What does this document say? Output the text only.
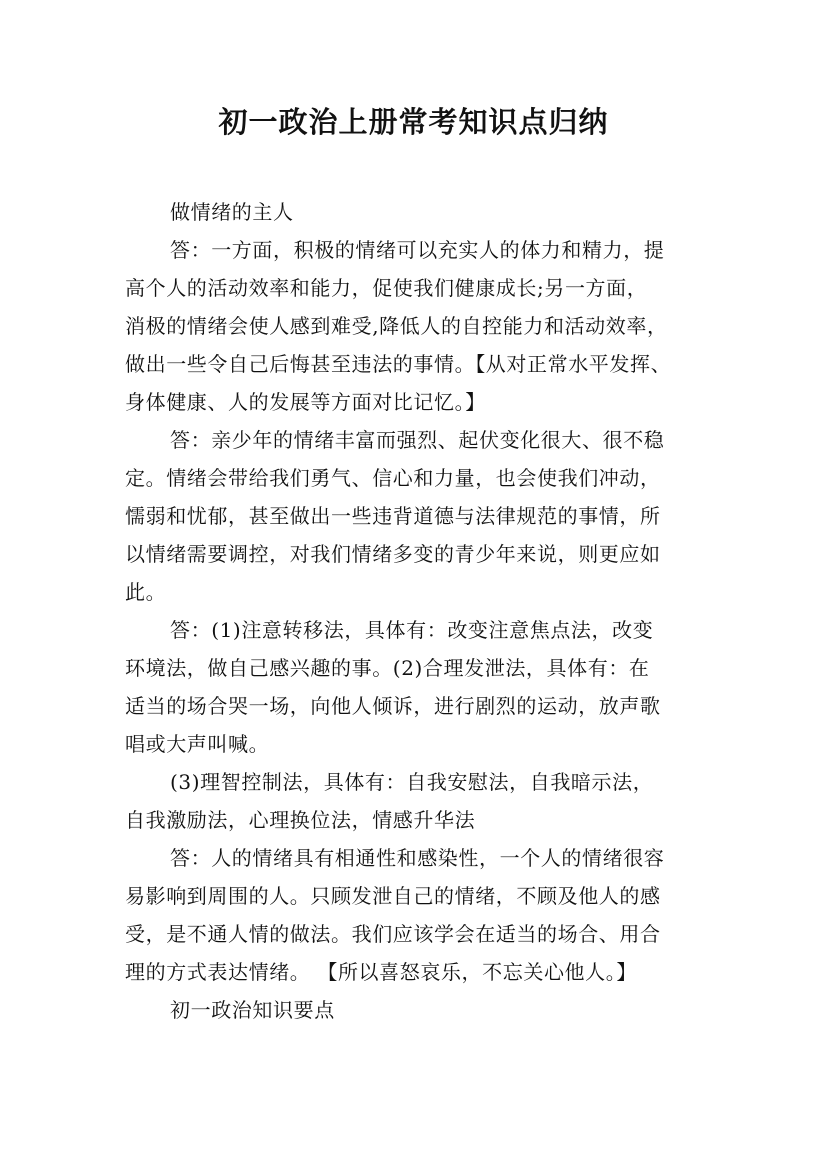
初一政治上册常考知识点归纳
做情绪的主人
答：一方面，积极的情绪可以充实人的体力和精力，提
高个人的活动效率和能力，促使我们健康成长;另一方面，
消极的情绪会使人感到难受,降低人的自控能力和活动效率，
做出一些令自己后悔甚至违法的事情。【从对正常水平发挥、
身体健康、人的发展等方面对比记忆。】
答：亲少年的情绪丰富而强烈、起伏变化很大、很不稳
定。情绪会带给我们勇气、信心和力量，也会使我们冲动，
懦弱和忧郁，甚至做出一些违背道德与法律规范的事情，所
以情绪需要调控，对我们情绪多变的青少年来说，则更应如
此。
答：(1)注意转移法，具体有：改变注意焦点法，改变
环境法，做自己感兴趣的事。(2)合理发泄法，具体有：在
适当的场合哭一场，向他人倾诉，进行剧烈的运动，放声歌
唱或大声叫喊。
(3)理智控制法，具体有：自我安慰法，自我暗示法，
自我激励法，心理换位法，情感升华法
答：人的情绪具有相通性和感染性，一个人的情绪很容
易影响到周围的人。只顾发泄自己的情绪，不顾及他人的感
受，是不通人情的做法。我们应该学会在适当的场合、用合
理的方式表达情绪。 【所以喜怒哀乐，不忘关心他人。】
初一政治知识要点
